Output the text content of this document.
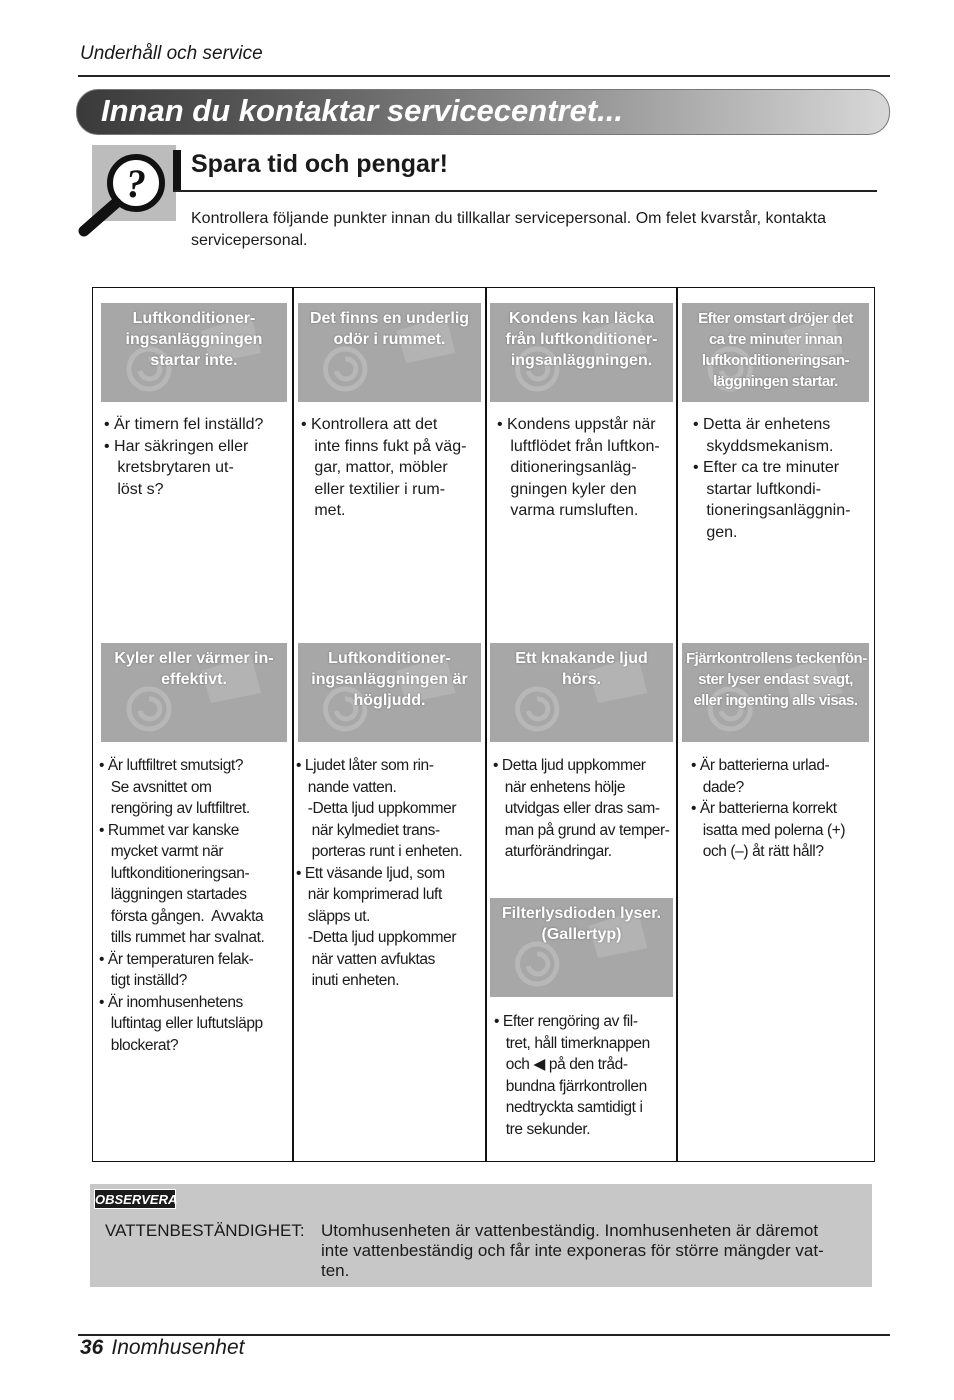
Underhåll och service
Innan du kontaktar servicecentret...
? Spara tid och pengar!
Kontrollera följande punkter innan du tillkallar servicepersonal. Om felet kvarstår, kontakta servicepersonal.
Luftkonditioner-
ingsanläggningen
startar inte.
• Är timern fel inställd?
• Har säkringen eller
kretsbrytaren ut-
löst s?
Det finns en underlig
odör i rummet.
• Kontrollera att det
inte finns fukt på väg-
gar, mattor, möbler
eller textilier i rum-
met.
Kondens kan läcka
från luftkonditioner-
ingsanläggningen.
• Kondens uppstår när
luftflödet från luftkon-
ditioneringsanläg-
gningen kyler den
varma rumsluften.
Efter omstart dröjer det
ca tre minuter innan
luftkonditioneringsan-
läggningen startar.
• Detta är enhetens
skyddsmekanism.
• Efter ca tre minuter
startar luftkondi-
tioneringsanläggnin-
gen.
Kyler eller värmer in-
effektivt.
• Är luftfiltret smutsigt?
Se avsnittet om
rengöring av luftfiltret.
• Rummet var kanske
mycket varmt när
luftkonditioneringsan-
läggningen startades
första gången.  Avvakta
tills rummet har svalnat.
• Är temperaturen felak-
tigt inställd?
• Är inomhusenhetens
luftintag eller luftutsläpp
blockerat?
Luftkonditioner-
ingsanläggningen är
högljudd.
• Ljudet låter som rin-
nande vatten.
-Detta ljud uppkommer
när kylmediet trans-
porteras runt i enheten.
• Ett väsande ljud, som
när komprimerad luft
släpps ut.
-Detta ljud uppkommer
när vatten avfuktas
inuti enheten.
Ett knakande ljud
hörs.
• Detta ljud uppkommer
när enhetens hölje
utvidgas eller dras sam-
man på grund av temper-
aturförändringar.
Fjärrkontrollens teckenfön-
ster lyser endast svagt,
eller ingenting alls visas.
• Är batterierna urlad-
dade?
• Är batterierna korrekt
isatta med polerna (+)
och (–) åt rätt håll?
Filterlysdioden lyser.
(Gallertyp)
• Efter rengöring av fil-
tret, håll timerknappen
och ◀ på den tråd-
bundna fjärrkontrollen
nedtryckta samtidigt i
tre sekunder.
OBSERVERA
VATTENBESTÄNDIGHET: Utomhusenheten är vattenbeständig. Inomhusenheten är däremot
inte vattenbeständig och får inte exponeras för större mängder vat-
ten.
36 Inomhusenhet
